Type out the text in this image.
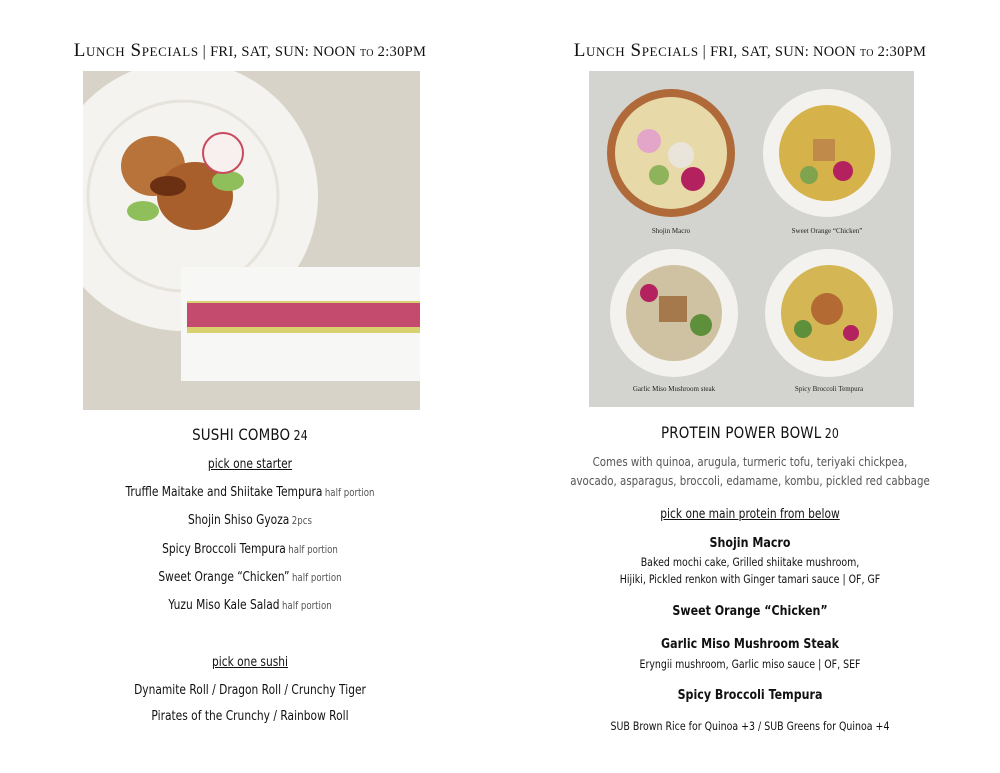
Lunch Specials | FRI, SAT, SUN: NOON to 2:30PM
SUSHI COMBO 24
pick one starter
Truffle Maitake and Shiitake Tempura half portion
Shojin Shiso Gyoza 2pcs
Spicy Broccoli Tempura half portion
Sweet Orange “Chicken” half portion
Yuzu Miso Kale Salad half portion
pick one sushi
Dynamite Roll / Dragon Roll / Crunchy Tiger
Pirates of the Crunchy / Rainbow Roll
Lunch Specials | FRI, SAT, SUN: NOON to 2:30PM
Shojin Macro	Sweet Orange “Chicken”
Garlic Miso Mushroom steak	Spicy Broccoli Tempura
PROTEIN POWER BOWL 20
Comes with quinoa, arugula, turmeric tofu, teriyaki chickpea,
avocado, asparagus, broccoli, edamame, kombu, pickled red cabbage
pick one main protein from below
Shojin Macro
Baked mochi cake, Grilled shiitake mushroom,
Hijiki, Pickled renkon with Ginger tamari sauce | OF, GF
Sweet Orange “Chicken”
Garlic Miso Mushroom Steak
Eryngii mushroom, Garlic miso sauce | OF, SEF
Spicy Broccoli Tempura
SUB Brown Rice for Quinoa +3 / SUB Greens for Quinoa +4
